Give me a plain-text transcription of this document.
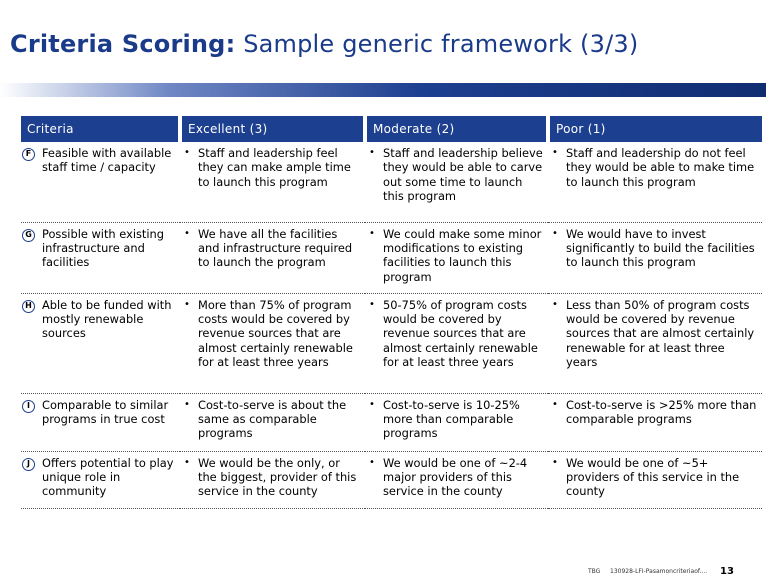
Criteria Scoring: Sample generic framework (3/3)
Criteria	Excellent (3)	Moderate (2)	Poor (1)

F Feasible with available staff time / capacity	• Staff and leadership feel they can make ample time to launch this program	• Staff and leadership believe they would be able to carve out some time to launch this program	• Staff and leadership do not feel they would be able to make time to launch this program

G Possible with existing infrastructure and facilities	• We have all the facilities and infrastructure required to launch the program	• We could make some minor modifications to existing facilities to launch this program	• We would have to invest significantly to build the facilities to launch this program

H Able to be funded with mostly renewable sources	• More than 75% of program costs would be covered by revenue sources that are almost certainly renewable for at least three years	• 50-75% of program costs would be covered by revenue sources that are almost certainly renewable for at least three years	• Less than 50% of program costs would be covered by revenue sources that are almost certainly renewable for at least three years

I Comparable to similar programs in true cost	• Cost-to-serve is about the same as comparable programs	• Cost-to-serve is 10-25% more than comparable programs	• Cost-to-serve is >25% more than comparable programs

J Offers potential to play unique role in community	• We would be the only, or the biggest, provider of this service in the county	• We would be one of ~2-4 major providers of this service in the county	• We would be one of ~5+ providers of this service in the county
TBG 130928-LFI-Pasamoncriteriaof.... 13
